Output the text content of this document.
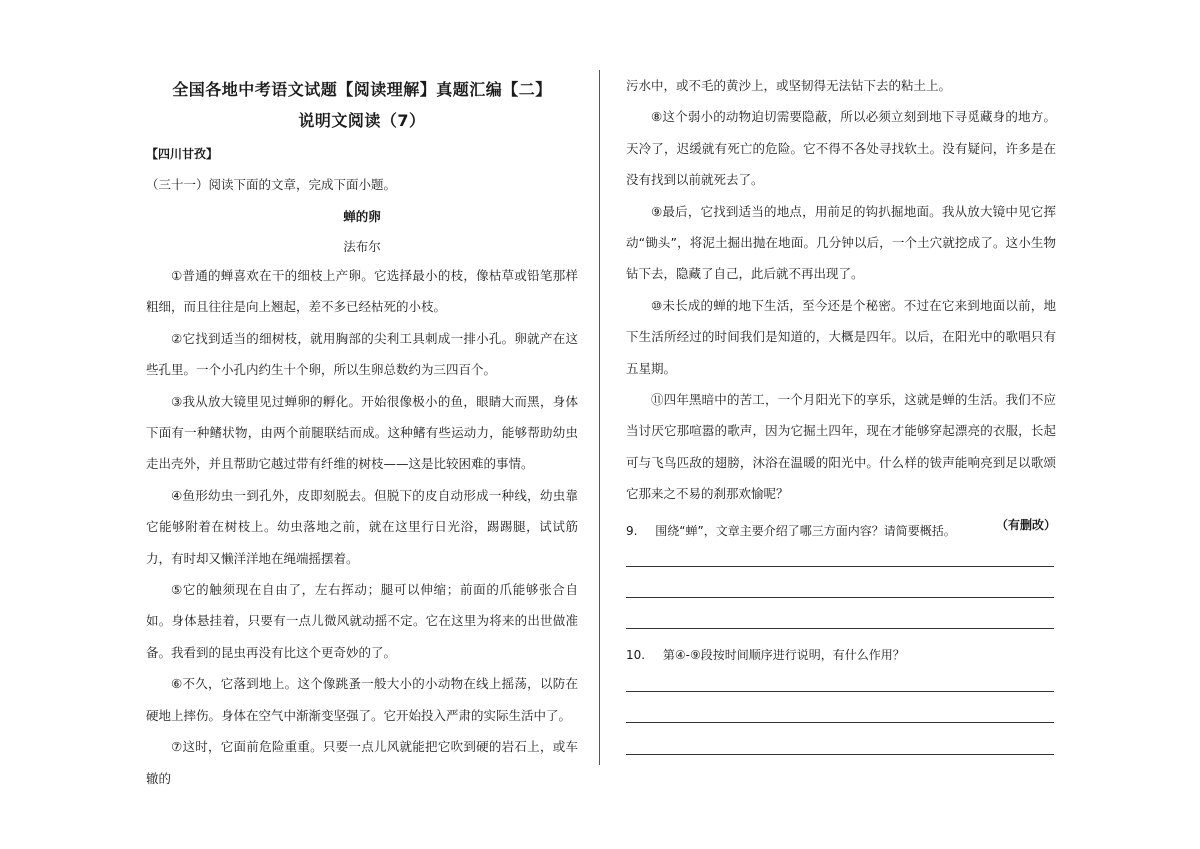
全国各地中考语文试题【阅读理解】真题汇编【二】
说明文阅读（7）
【四川甘孜】
（三十一）阅读下面的文章，完成下面小题。
蝉的卵
法布尔

①普通的蝉喜欢在干的细枝上产卵。它选择最小的枝，像枯草或铅笔那样粗细，而且往往是向上翘起，差不多已经枯死的小枝。

②它找到适当的细树枝，就用胸部的尖利工具刺成一排小孔。卵就产在这些孔里。一个小孔内约生十个卵，所以生卵总数约为三四百个。

③我从放大镜里见过蝉卵的孵化。开始很像极小的鱼，眼睛大而黑，身体下面有一种鳍状物，由两个前腿联结而成。这种鳍有些运动力，能够帮助幼虫走出壳外，并且帮助它越过带有纤维的树枝——这是比较困难的事情。

④鱼形幼虫一到孔外，皮即刻脱去。但脱下的皮自动形成一种线，幼虫靠它能够附着在树枝上。幼虫落地之前，就在这里行日光浴，踢踢腿，试试筋力，有时却又懒洋洋地在绳端摇摆着。

⑤它的触须现在自由了，左右挥动；腿可以伸缩；前面的爪能够张合自如。身体悬挂着，只要有一点儿微风就动摇不定。它在这里为将来的出世做准备。我看到的昆虫再没有比这个更奇妙的了。

⑥不久，它落到地上。这个像跳蚤一般大小的小动物在线上摇荡，以防在硬地上摔伤。身体在空气中渐渐变坚强了。它开始投入严肃的实际生活中了。

⑦这时，它面前危险重重。只要一点儿风就能把它吹到硬的岩石上，或车辙的

污水中，或不毛的黄沙上，或坚韧得无法钻下去的粘土上。

⑧这个弱小的动物迫切需要隐蔽，所以必须立刻到地下寻觅藏身的地方。天冷了，迟缓就有死亡的危险。它不得不各处寻找软土。没有疑问，许多是在没有找到以前就死去了。

⑨最后，它找到适当的地点，用前足的钩扒掘地面。我从放大镜中见它挥动“锄头”，将泥土掘出抛在地面。几分钟以后，一个土穴就挖成了。这小生物钻下去，隐藏了自己，此后就不再出现了。

⑩未长成的蝉的地下生活，至今还是个秘密。不过在它来到地面以前，地下生活所经过的时间我们是知道的，大概是四年。以后，在阳光中的歌唱只有五星期。

⑪四年黑暗中的苦工，一个月阳光下的享乐，这就是蝉的生活。我们不应当讨厌它那喧嚣的歌声，因为它掘土四年，现在才能够穿起漂亮的衣服，长起可与飞鸟匹敌的翅膀，沐浴在温暖的阳光中。什么样的钹声能响亮到足以歌颂它那来之不易的刹那欢愉呢？

（有删改）

9. 围绕“蝉”，文章主要介绍了哪三方面内容？请简要概括。
10. 第④-⑨段按时间顺序进行说明，有什么作用？
